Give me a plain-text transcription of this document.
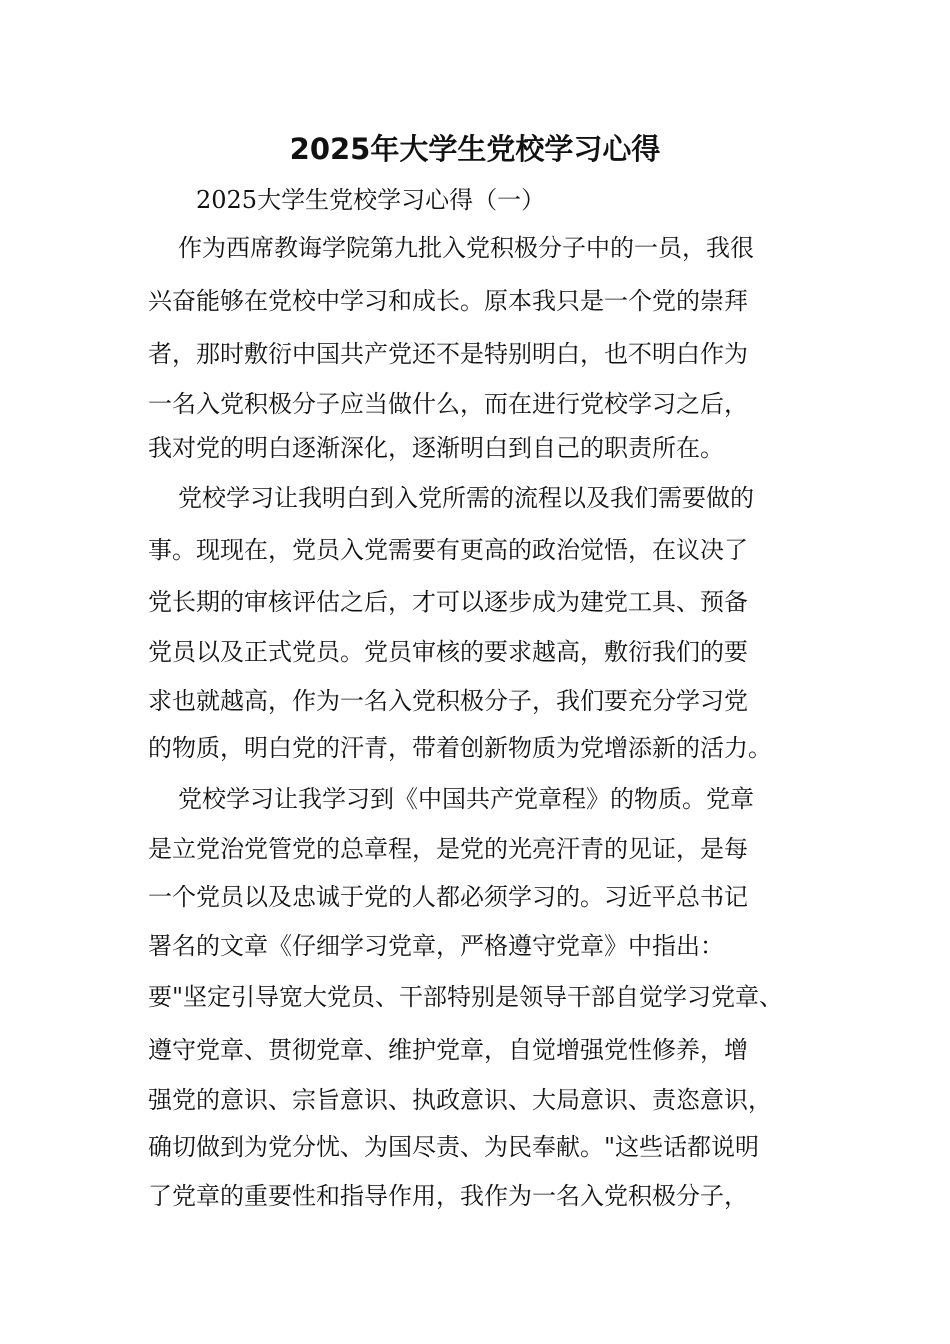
2025年大学生党校学习心得
2025大学生党校学习心得（一）
作为西席教诲学院第九批入党积极分子中的一员，我很
兴奋能够在党校中学习和成长。原本我只是一个党的崇拜
者，那时敷衍中国共产党还不是特别明白，也不明白作为
一名入党积极分子应当做什么，而在进行党校学习之后，
我对党的明白逐渐深化，逐渐明白到自己的职责所在。
党校学习让我明白到入党所需的流程以及我们需要做的
事。现现在，党员入党需要有更高的政治觉悟，在议决了
党长期的审核评估之后，才可以逐步成为建党工具、预备
党员以及正式党员。党员审核的要求越高，敷衍我们的要
求也就越高，作为一名入党积极分子，我们要充分学习党
的物质，明白党的汗青，带着创新物质为党增添新的活力。
党校学习让我学习到《中国共产党章程》的物质。党章
是立党治党管党的总章程，是党的光亮汗青的见证，是每
一个党员以及忠诚于党的人都必须学习的。习近平总书记
署名的文章《仔细学习党章，严格遵守党章》中指出：
要"坚定引导宽大党员、干部特别是领导干部自觉学习党章、
遵守党章、贯彻党章、维护党章，自觉增强党性修养，增
强党的意识、宗旨意识、执政意识、大局意识、责恣意识，
确切做到为党分忧、为国尽责、为民奉献。"这些话都说明
了党章的重要性和指导作用，我作为一名入党积极分子，
